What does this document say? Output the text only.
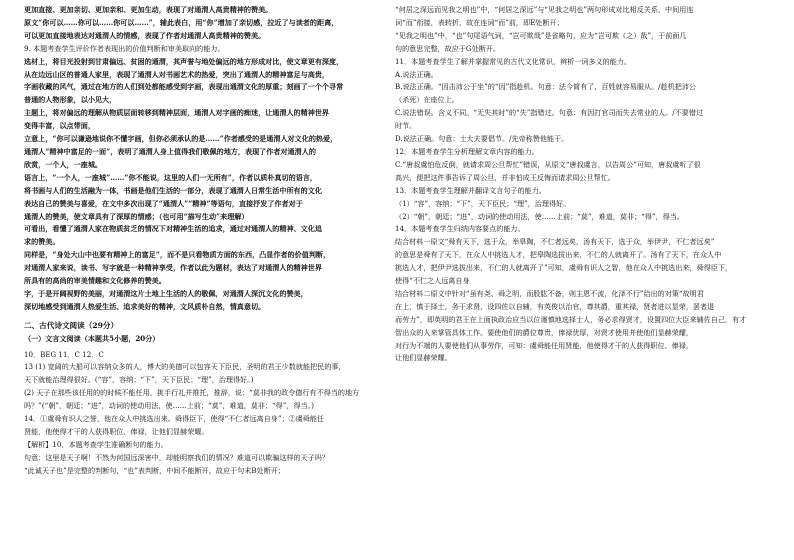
更加直接、更加亲切、更加亲和、更加生动，表现了对通渭人高贵精神的赞美。
原文“你可以……你可以……你可以……”，辅此表白，用“你”增加了亲切感，拉近了与读者的距离，
可以更加直接地表达对通渭人的情感，表现了作者对通渭人高贵精神的赞美。
9. 本题考查学生评价作者表现出的价值判断和审美取向的能力。
选材上，将目光投射到甘肃偏远、贫困的通渭，其声誉与地处偏远的地方形成对比，使文章更有深度，
从在边远山区的普通人家里，表现了通渭人对书画艺术的热爱，突出了通渭人的精神富足与高贵，
字画收藏的风气，通过在地方的人们到处都能感受到字画，表现出通渭文化的厚重；刻画了一个个寻常
普通的人物形象，以小见大，
主题上，将对偏远的理解从物质层面转移到精神层面，通渭人对字画的痴迷，让通渭人的精神世界
变得丰富，以点带面，
立意上，“你可以谦逊地说你不懂字画，但你必须承认的是……”作者感受的是通渭人对文化的热爱，
通渭人“精神中富足的一面”，表明了通渭人身上值得我们敬佩的地方，表现了作者对通渭人的
欣赏，一个人，一座城。
语言上，“一个人，一座城”……“你不能说，这里的人们一无所有”，作者以质朴真切的语言，
将书画与人们的生活融为一体，书画是他们生活的一部分，表现了通渭人日常生活中所有的文化
表达自己的赞美与喜爱，在文中多次出现了“通渭人”“精神”等语句，直接抒发了作者对于
通渭人的赞美，使文章具有了深厚的情感；（也可用“描写生动”来理解）
可看出，看懂了通渭人家在物质贫乏的情况下对精神生活的追求，通过对通渭人的精神、文化追
求的赞美。
同样是，“身处大山中也要有精神上的富足”，而不是只看物质方面的东西，凸显作者的价值判断，
对通渭人家来说，读书、写字就是一种精神享受，作者以此为题材，表达了对通渭人的精神世界
所具有的高尚的审美情趣和文化修养的赞美。
字，于是开阔视野的美丽，对通渭这片土地上生活的人的敬佩，对通渭人深沉文化的赞美，
深切地感受到通渭人热爱生活、追求美好的精神，文风质朴自然，情真意切。
二、古代诗文阅读（29分）
（一）文言文阅读（本题共5小题，20分）
10．BEG 11．C 12．C
13 (1) 宽阔的大船可以容纳众多的人，博大的美德可以包容天下臣民，圣明的君王少数就能把民的事，
天下就能治理得很好。(“容”，容纳；“下”，天下臣民；“理”，治理得好。)
(2) 天子在那些该任用的的时候不能任用，挑手行礼并推托，推辞，说：“莫非我的政令德行有不得当的地方
吗？”(“朝”，朝廷；“进”，动词的使动用法，使……上前；“莫”，难道，莫非；“得”，得当。)
14．①虞舜有识人之誉，他在众人中挑选出来。舜得臣下，使得“不仁者远离自身”；②虞舜能任
贤能，他使得才干的人获得职位、俸禄，让他们显赫荣耀。
【解析】10．本题考查学生准确断句的能力。
句意：这里是天子啊！不然为何国远深害中，却能明察我们的情况？难道可以欺骗这样的天子吗？
“此诚天子也”是完整的判断句，“也”表判断，中间不能断开，故应于句末B处断开；
“何居之深远而见我之明也”中，“何居之深远”与“见我之明也”两句形成对比相反关系，中间用连
词“而”衔接，表转折，故在连词“而”前，即E处断开；
“见我之明也”中，“也”句尾语气词，“岂可欺哉”是省略句，应为“岂可欺（之）哉”，于前面几
句的意思完整，故应于G处断开。
11．本题考查学生了解并掌握常见的古代文化常识，辨析一词多义的能力。
A.说法正确。
B.说法正确。“因击沛公于坐”的“因”指趁机。句意：法今简有了，百姓就容易服从。/趁机把沛公
（杀死）在座位上。
C.说法错误。含义不同。“无失其时”的“失”指错过。句意：有因打官司而失去常业的人。/不要错过
时节。
D.说法正确。句意：士大夫要倡节。/先帝称赞他能干。
12．本题考查学生分析理解文章内容的能力。
C.“唐叔虞怕危反倒，就请求周公旦帮忙”错误，从原文“唐叔虞言，以告周公”可知，唐叔虞听了很
高兴，便把这件事告诉了周公旦，并非怕成王反悔而请求周公旦帮忙。
13．本题考查学生理解并翻译文言句子的能力。
（1）“容”，容纳；“下”，天下臣民；“理”，治理得好。
（2）“朝”，朝廷；“进”，动词的使动用法，使……上前；“莫”，难道，莫非；“得”，得当。
14．本题考查学生归纳内容要点的能力。
结合材料一原文“舜有天下，选于众，举皋陶，不仁者远矣，汤有天下，选于众，举伊尹，不仁者远矣”
的意思是舜有了天下，在众人中挑选人才，把皋陶选拔出来，不仁的人就离开了。汤有了天下，在众人中
挑选人才，把伊尹选拔出来，不仁的人就离开了”可知，虞舜有识人之智，他在众人中挑选出来，舜得臣下，
使得“不仁之人远离自身
结合材料二原文中针对“虽有尧、舜之明，而股肱不备，则主恩不流，化泽不行”给出的对策“故明君
在上，慎于择士，务于求贤，设四佐以自辅，有英俊以治官，尊其爵，重其禄，贤者进以显荣，罢者退
而劳力”，即英明的君王在上面执政治应当以位谨慎地选择士人，务必求得贤才，设置四位大臣来辅佐自己，有才
智出众的人来掌管具体工作。要使他们的爵位尊贵，俸禄优厚，对贤才使用并使他们显赫荣耀，
对行为不端的人要使他们从事劳作，可知：虞舜能任用贤能，他使得才干的人获得职位、俸禄，
让他们显赫荣耀。
